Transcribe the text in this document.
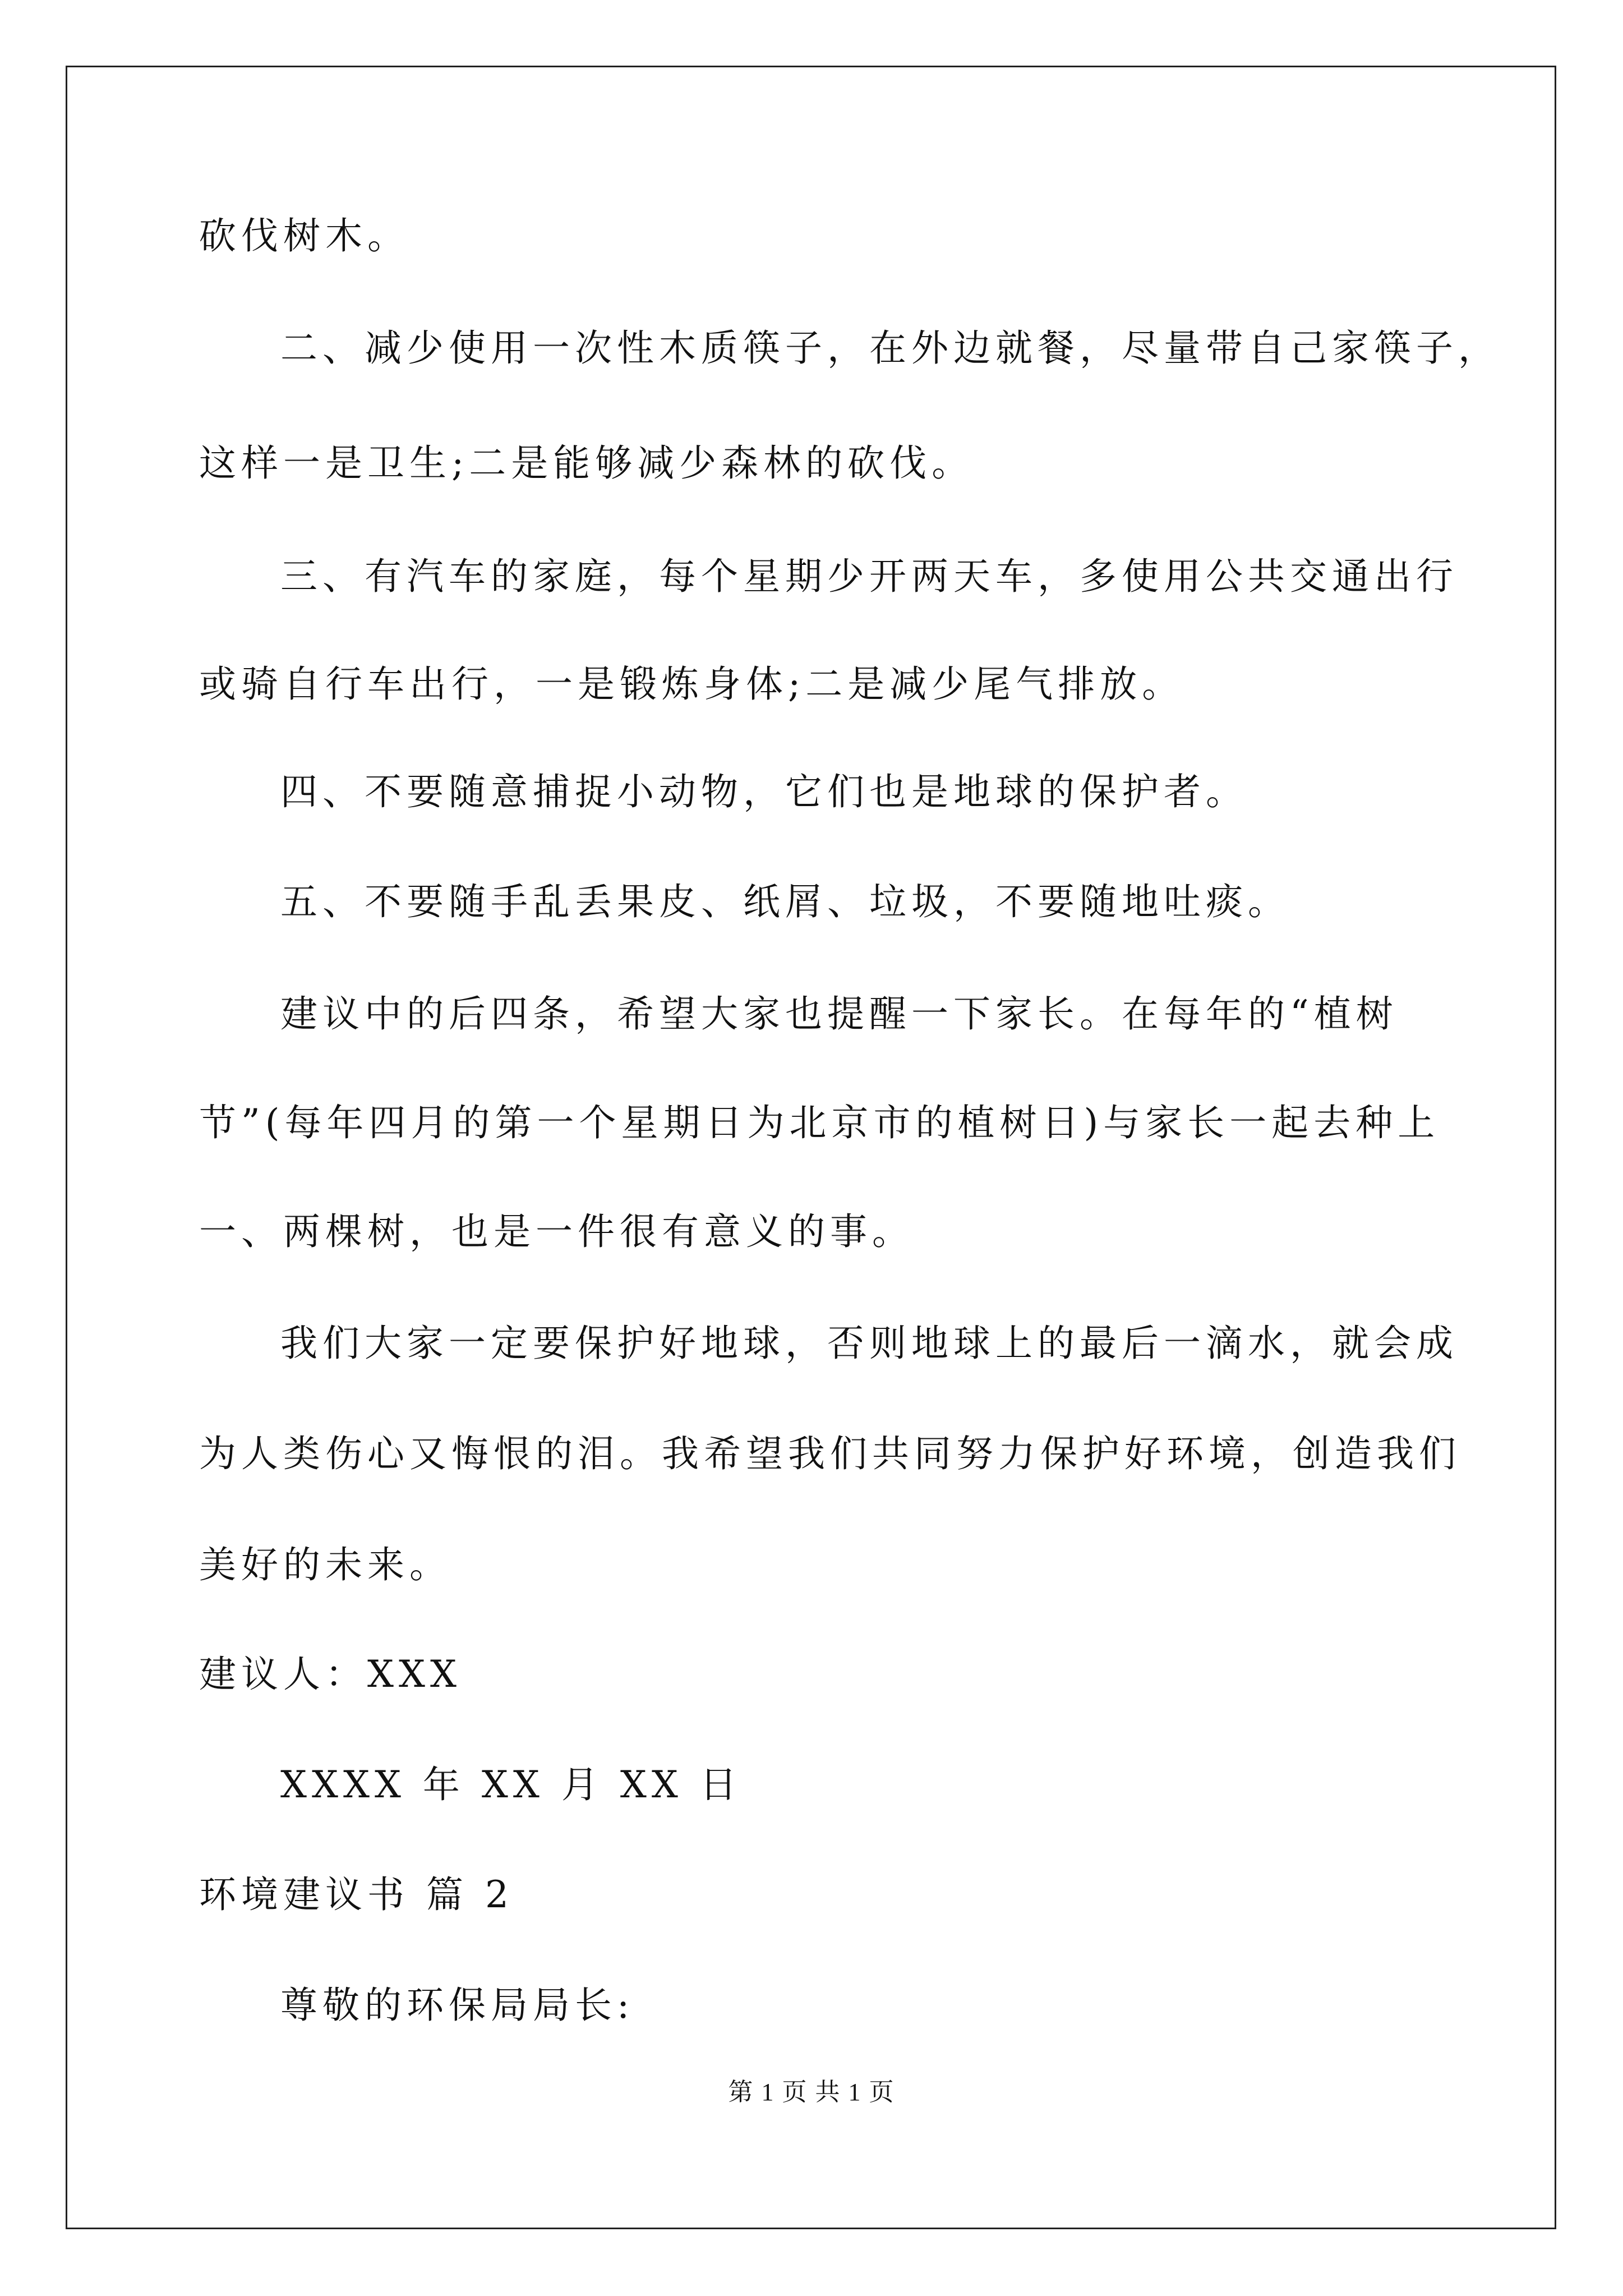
砍伐树木。
二、减少使用一次性木质筷子，在外边就餐，尽量带自己家筷子，
这样一是卫生;二是能够减少森林的砍伐。
三、有汽车的家庭，每个星期少开两天车，多使用公共交通出行
或骑自行车出行，一是锻炼身体;二是减少尾气排放。
四、不要随意捕捉小动物，它们也是地球的保护者。
五、不要随手乱丢果皮、纸屑、垃圾，不要随地吐痰。
建议中的后四条，希望大家也提醒一下家长。在每年的“植树
节”(每年四月的第一个星期日为北京市的植树日)与家长一起去种上
一、两棵树，也是一件很有意义的事。
我们大家一定要保护好地球，否则地球上的最后一滴水，就会成
为人类伤心又悔恨的泪。我希望我们共同努力保护好环境，创造我们
美好的未来。
建议人：XXX
XXXX 年 XX 月 XX 日
环境建议书 篇 2
尊敬的环保局局长:
第 1 页 共 1 页
